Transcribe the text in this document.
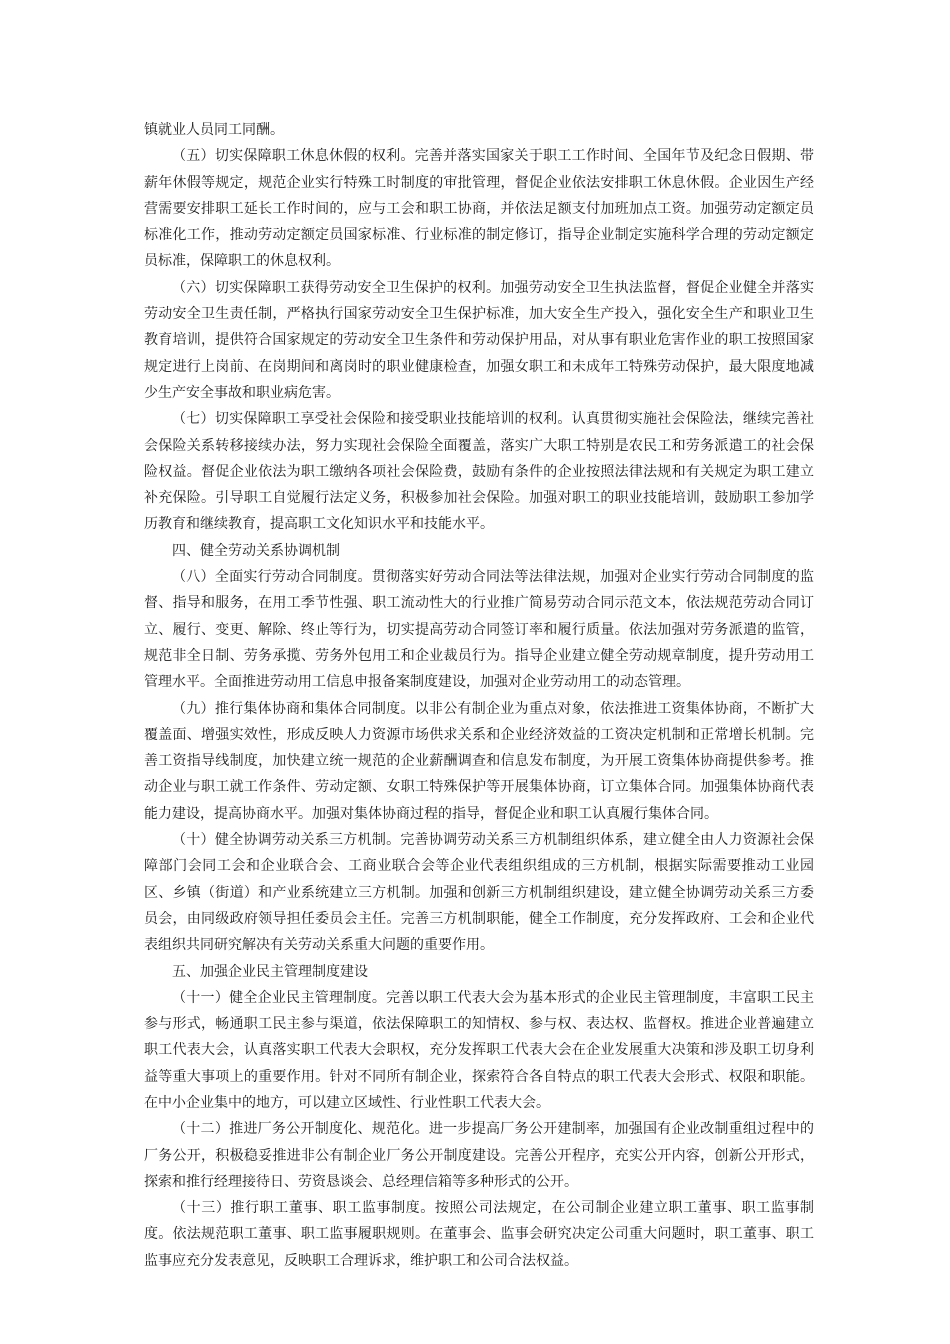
镇就业人员同工同酬。

（五）切实保障职工休息休假的权利。完善并落实国家关于职工工作时间、全国年节及纪念日假期、带薪年休假等规定，规范企业实行特殊工时制度的审批管理，督促企业依法安排职工休息休假。企业因生产经营需要安排职工延长工作时间的，应与工会和职工协商，并依法足额支付加班加点工资。加强劳动定额定员标准化工作，推动劳动定额定员国家标准、行业标准的制定修订，指导企业制定实施科学合理的劳动定额定员标准，保障职工的休息权利。

（六）切实保障职工获得劳动安全卫生保护的权利。加强劳动安全卫生执法监督，督促企业健全并落实劳动安全卫生责任制，严格执行国家劳动安全卫生保护标准，加大安全生产投入，强化安全生产和职业卫生教育培训，提供符合国家规定的劳动安全卫生条件和劳动保护用品，对从事有职业危害作业的职工按照国家规定进行上岗前、在岗期间和离岗时的职业健康检查，加强女职工和未成年工特殊劳动保护，最大限度地减少生产安全事故和职业病危害。

（七）切实保障职工享受社会保险和接受职业技能培训的权利。认真贯彻实施社会保险法，继续完善社会保险关系转移接续办法，努力实现社会保险全面覆盖，落实广大职工特别是农民工和劳务派遣工的社会保险权益。督促企业依法为职工缴纳各项社会保险费，鼓励有条件的企业按照法律法规和有关规定为职工建立补充保险。引导职工自觉履行法定义务，积极参加社会保险。加强对职工的职业技能培训，鼓励职工参加学历教育和继续教育，提高职工文化知识水平和技能水平。

四、健全劳动关系协调机制

（八）全面实行劳动合同制度。贯彻落实好劳动合同法等法律法规，加强对企业实行劳动合同制度的监督、指导和服务，在用工季节性强、职工流动性大的行业推广简易劳动合同示范文本，依法规范劳动合同订立、履行、变更、解除、终止等行为，切实提高劳动合同签订率和履行质量。依法加强对劳务派遣的监管，规范非全日制、劳务承揽、劳务外包用工和企业裁员行为。指导企业建立健全劳动规章制度，提升劳动用工管理水平。全面推进劳动用工信息申报备案制度建设，加强对企业劳动用工的动态管理。

（九）推行集体协商和集体合同制度。以非公有制企业为重点对象，依法推进工资集体协商，不断扩大覆盖面、增强实效性，形成反映人力资源市场供求关系和企业经济效益的工资决定机制和正常增长机制。完善工资指导线制度，加快建立统一规范的企业薪酬调查和信息发布制度，为开展工资集体协商提供参考。推动企业与职工就工作条件、劳动定额、女职工特殊保护等开展集体协商，订立集体合同。加强集体协商代表能力建设，提高协商水平。加强对集体协商过程的指导，督促企业和职工认真履行集体合同。

（十）健全协调劳动关系三方机制。完善协调劳动关系三方机制组织体系，建立健全由人力资源社会保障部门会同工会和企业联合会、工商业联合会等企业代表组织组成的三方机制，根据实际需要推动工业园区、乡镇（街道）和产业系统建立三方机制。加强和创新三方机制组织建设，建立健全协调劳动关系三方委员会，由同级政府领导担任委员会主任。完善三方机制职能，健全工作制度，充分发挥政府、工会和企业代表组织共同研究解决有关劳动关系重大问题的重要作用。

五、加强企业民主管理制度建设

（十一）健全企业民主管理制度。完善以职工代表大会为基本形式的企业民主管理制度，丰富职工民主参与形式，畅通职工民主参与渠道，依法保障职工的知情权、参与权、表达权、监督权。推进企业普遍建立职工代表大会，认真落实职工代表大会职权，充分发挥职工代表大会在企业发展重大决策和涉及职工切身利益等重大事项上的重要作用。针对不同所有制企业，探索符合各自特点的职工代表大会形式、权限和职能。在中小企业集中的地方，可以建立区域性、行业性职工代表大会。

（十二）推进厂务公开制度化、规范化。进一步提高厂务公开建制率，加强国有企业改制重组过程中的厂务公开，积极稳妥推进非公有制企业厂务公开制度建设。完善公开程序，充实公开内容，创新公开形式，探索和推行经理接待日、劳资恳谈会、总经理信箱等多种形式的公开。

（十三）推行职工董事、职工监事制度。按照公司法规定，在公司制企业建立职工董事、职工监事制度。依法规范职工董事、职工监事履职规则。在董事会、监事会研究决定公司重大问题时，职工董事、职工监事应充分发表意见，反映职工合理诉求，维护职工和公司合法权益。
